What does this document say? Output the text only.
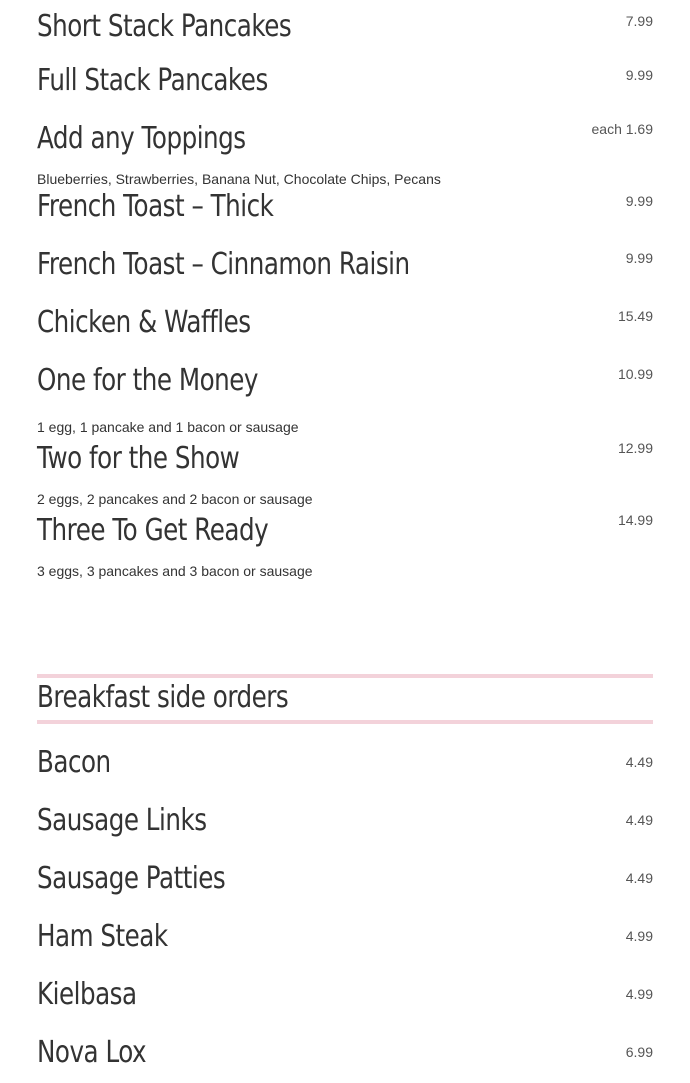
Short Stack Pancakes	7.99
Full Stack Pancakes	9.99
Add any Toppings	each 1.69

Blueberries, Strawberries, Banana Nut, Chocolate Chips, Pecans

French Toast – Thick	9.99
French Toast – Cinnamon Raisin	9.99
Chicken & Waffles	15.49
One for the Money	10.99

1 egg, 1 pancake and 1 bacon or sausage

Two for the Show	12.99

2 eggs, 2 pancakes and 2 bacon or sausage

Three To Get Ready	14.99

3 eggs, 3 pancakes and 3 bacon or sausage

Breakfast side orders
Bacon	4.49
Sausage Links	4.49
Sausage Patties	4.49
Ham Steak	4.99
Kielbasa	4.99
Nova Lox	6.99
